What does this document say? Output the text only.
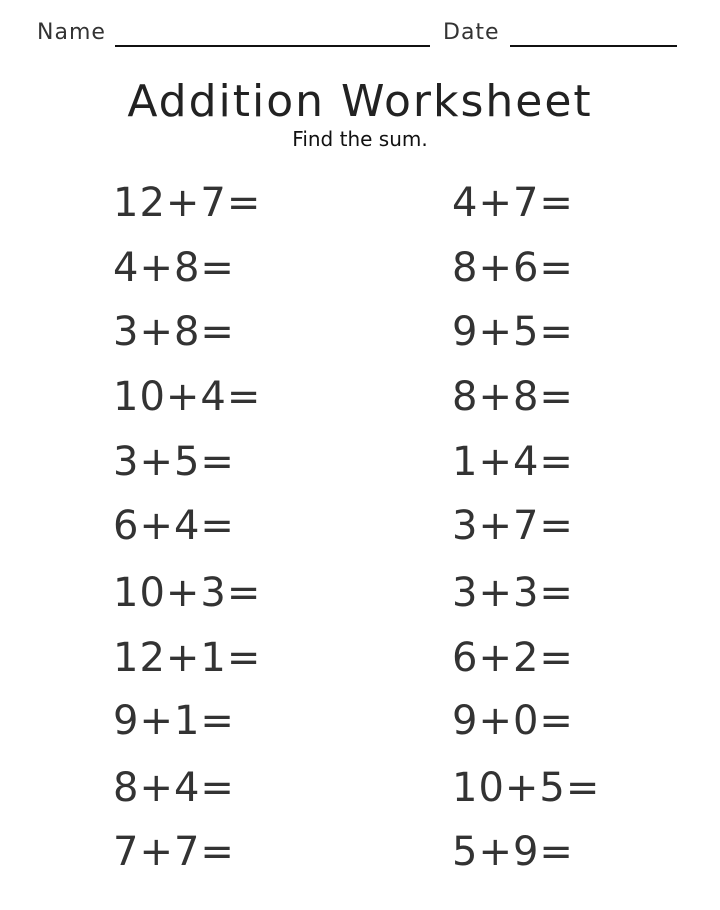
Name	Date
Addition Worksheet
Find the sum.
12+7=
4+8=
3+8=
10+4=
3+5=
6+4=
10+3=
12+1=
9+1=
8+4=
7+7=
4+7=
8+6=
9+5=
8+8=
1+4=
3+7=
3+3=
6+2=
9+0=
10+5=
5+9=
